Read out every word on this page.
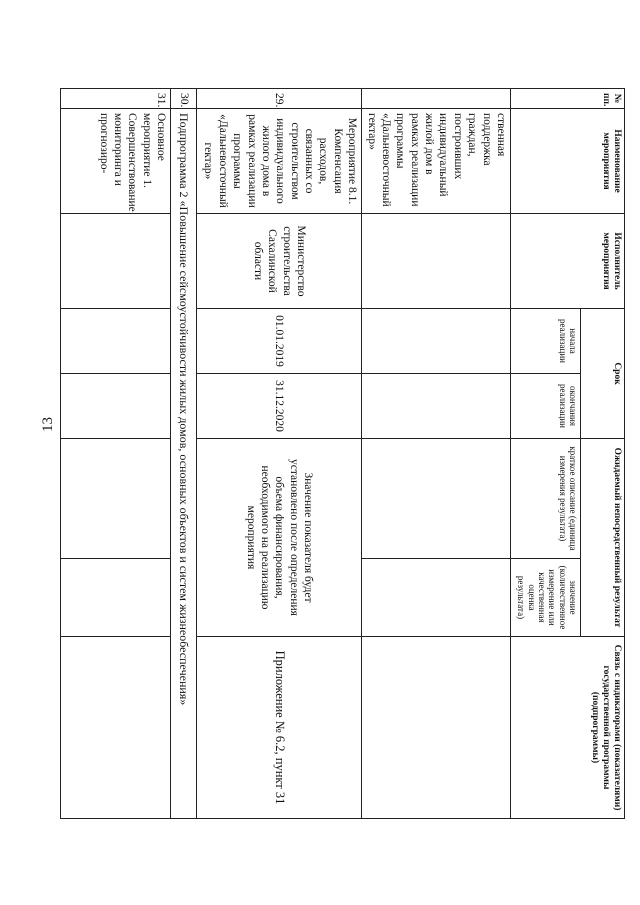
13
№ пп.	Наименование мероприятия	Исполнитель мероприятия	Срок		Ожидаемый непосредственный результат		Связь с индикаторами (показателями) государственной программы (подпрограммы)
			начала реализации	окончания реализации	краткое описание (единица измерения результата)	значение (количественное измерение или качественная оценка результата)	
	ственная поддержка граждан, построивших индивидуальный жилой дом в рамках реализации программы «Дальневосточный гектар»						
29.	Мероприятие 8.1. Компенсация расходов, связанных со строительством индивидуального жилого дома в рамках реализации программы «Дальневосточный гектар»	Министерство строительства Сахалинской области	01.01.2019	31.12.2020	Значение показателя будет установлено после определения объема финансирования, необходимого на реализацию мероприятия		Приложение № 6.2, пункт 31
30.	Подпрограмма 2 «Повышение сейсмоустойчивости жилых домов, основных объектов и систем жизнеобеспечения»						
31.	Основное мероприятие 1. Совершенствование мониторинга и прогнозиро-						
